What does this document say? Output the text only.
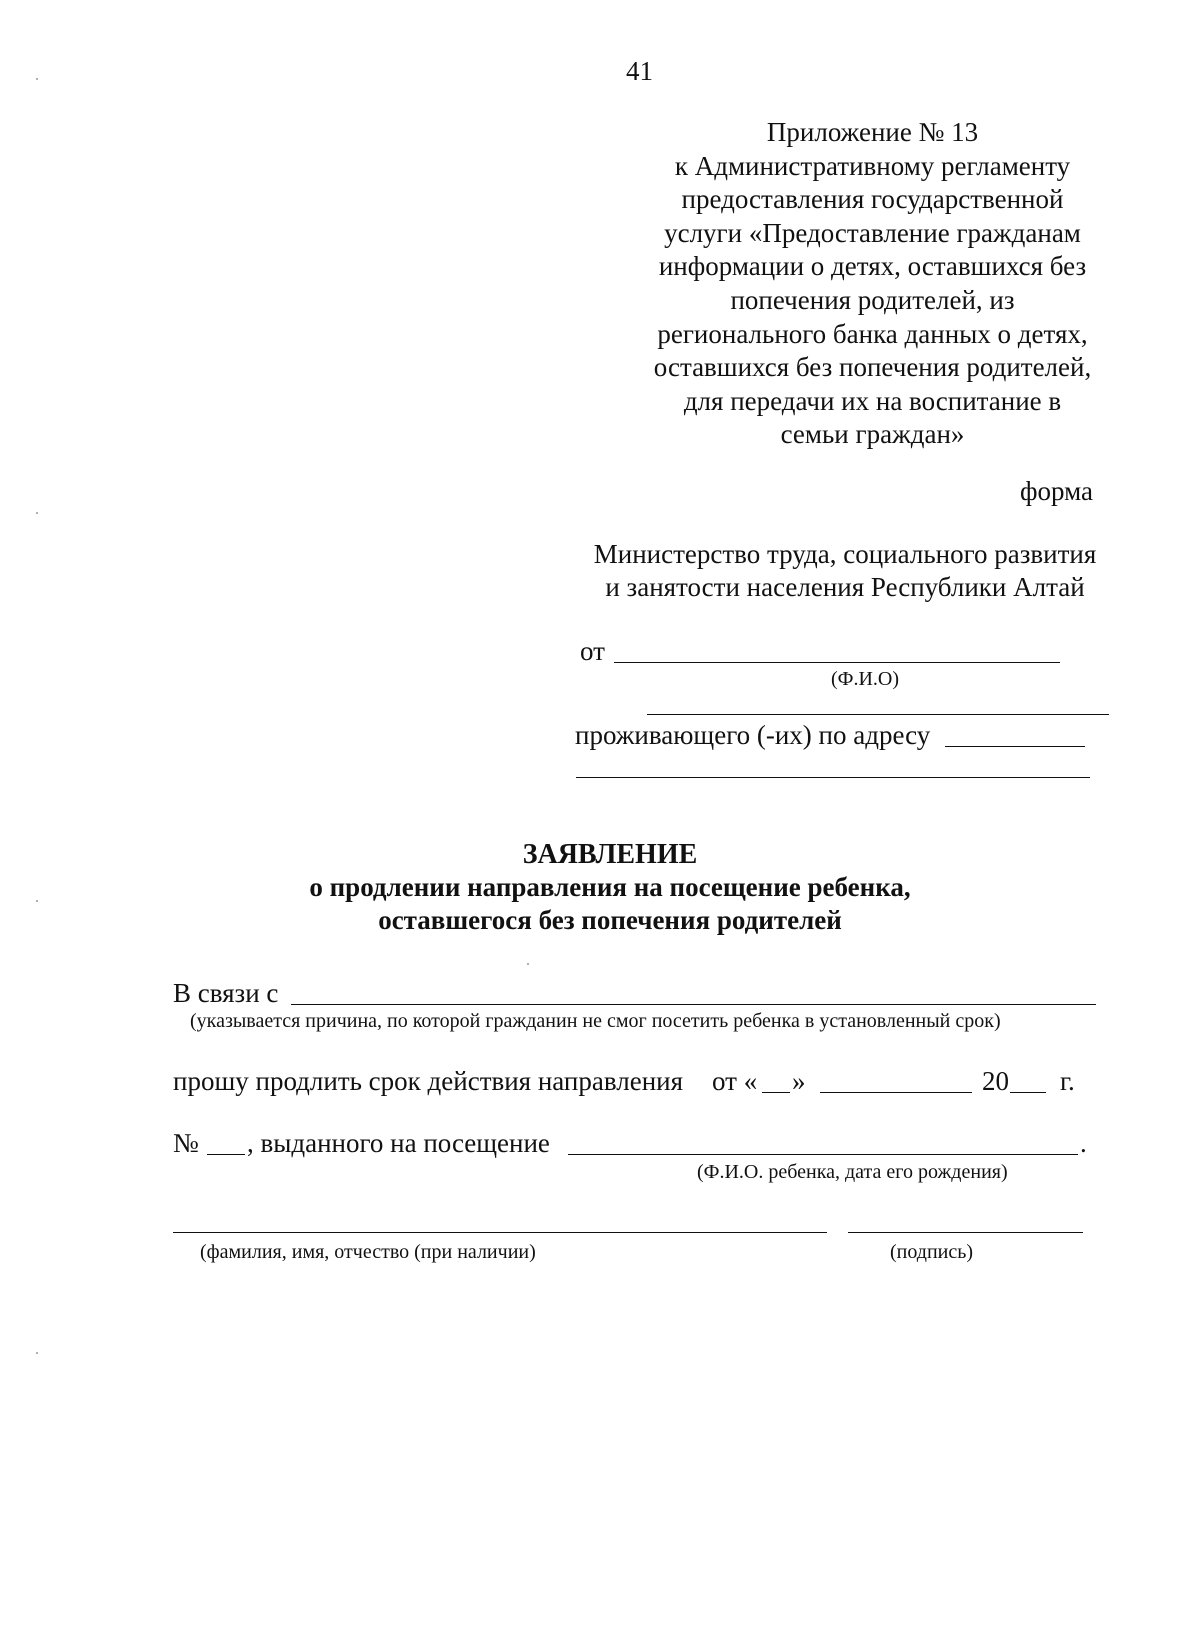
41
Приложение № 13
к Административному регламенту
предоставления государственной
услуги «Предоставление гражданам
информации о детях, оставшихся без
попечения родителей, из
регионального банка данных о детях,
оставшихся без попечения родителей,
для передачи их на воспитание в
семьи граждан»
форма
Министерство труда, социального развития
и занятости населения Республики Алтай
от
(Ф.И.О)
проживающего (-их) по адресу
ЗАЯВЛЕНИЕ
о продлении направления на посещение ребенка,
оставшегося без попечения родителей
В связи с
(указывается причина, по которой гражданин не смог посетить ребенка в установленный срок)
прошу продлить срок действия направления от « »	20 г.
№ , выданного на посещение	.
(Ф.И.О. ребенка, дата его рождения)
(фамилия, имя, отчество (при наличии)	(подпись)
